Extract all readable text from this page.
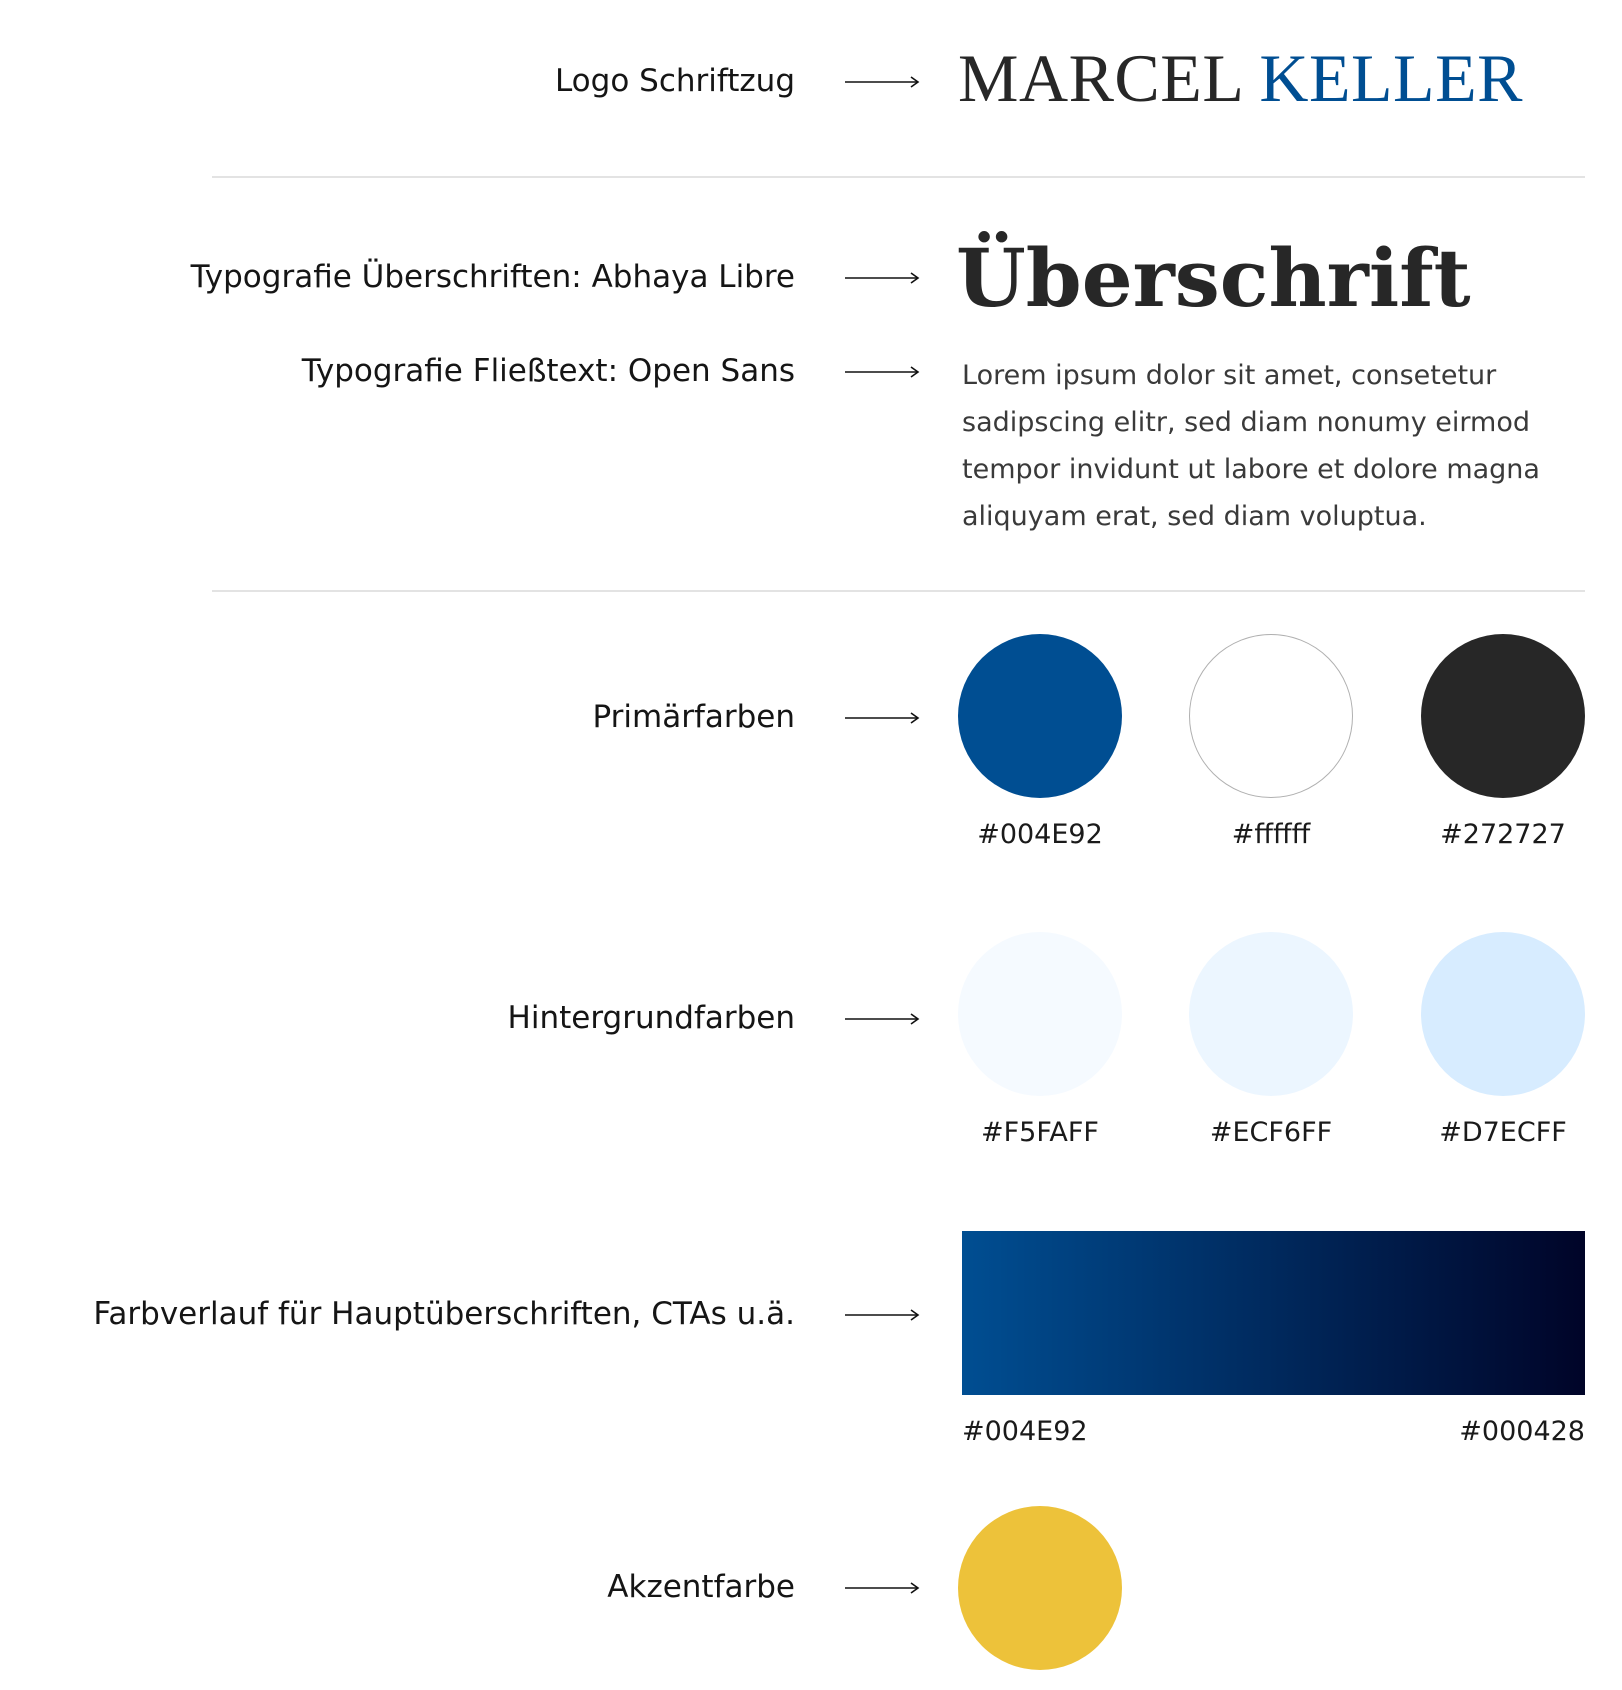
Logo Schriftzug MARCEL KELLER
Typografie Überschriften: Abhaya Libre Überschrift
Typografie Fließtext: Open Sans	Lorem ipsum dolor sit amet, consetetur sadipscing elitr, sed diam nonumy eirmod tempor invidunt ut labore et dolore magna aliquyam erat, sed diam voluptua.
Primärfarben
#004E92	#ffffff	#272727
Hintergrundfarben
#F5FAFF	#ECF6FF	#D7ECFF
Farbverlauf für Hauptüberschriften, CTAs u.ä.
#004E92	#000428
Akzentfarbe
